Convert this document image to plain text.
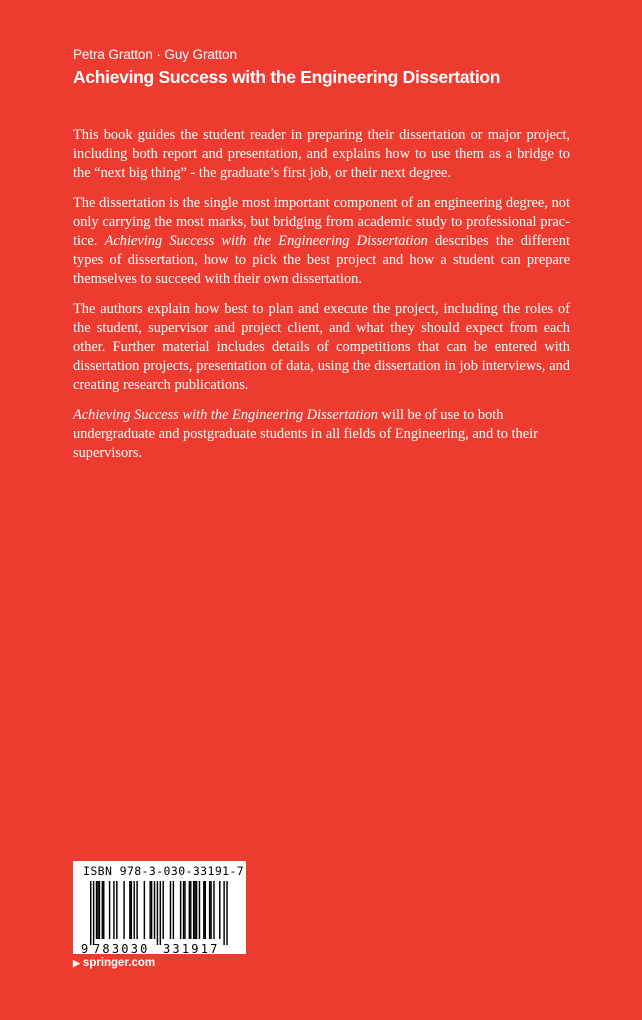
Petra Gratton · Guy Gratton
Achieving Success with the Engineering Dissertation

This book guides the student reader in preparing their dissertation or major project, including both report and presentation, and explains how to use them as a bridge to the “next big thing” - the graduate’s first job, or their next degree.

The dissertation is the single most important component of an engineering degree, not only carrying the most marks, but bridging from academic study to professional practice. Achieving Success with the Engineering Dissertation describes the different types of dissertation, how to pick the best project and how a student can prepare themselves to succeed with their own dissertation.

The authors explain how best to plan and execute the project, including the roles of the student, supervisor and project client, and what they should expect from each other. Further material includes details of competitions that can be entered with dissertation projects, presentation of data, using the dissertation in job interviews, and creating research publications.

Achieving Success with the Engineering Dissertation will be of use to both undergraduate and postgraduate students in all fields of Engineering, and to their supervisors.

ISBN 978-3-030-33191-7
9 783030 331917
▶ springer.com
